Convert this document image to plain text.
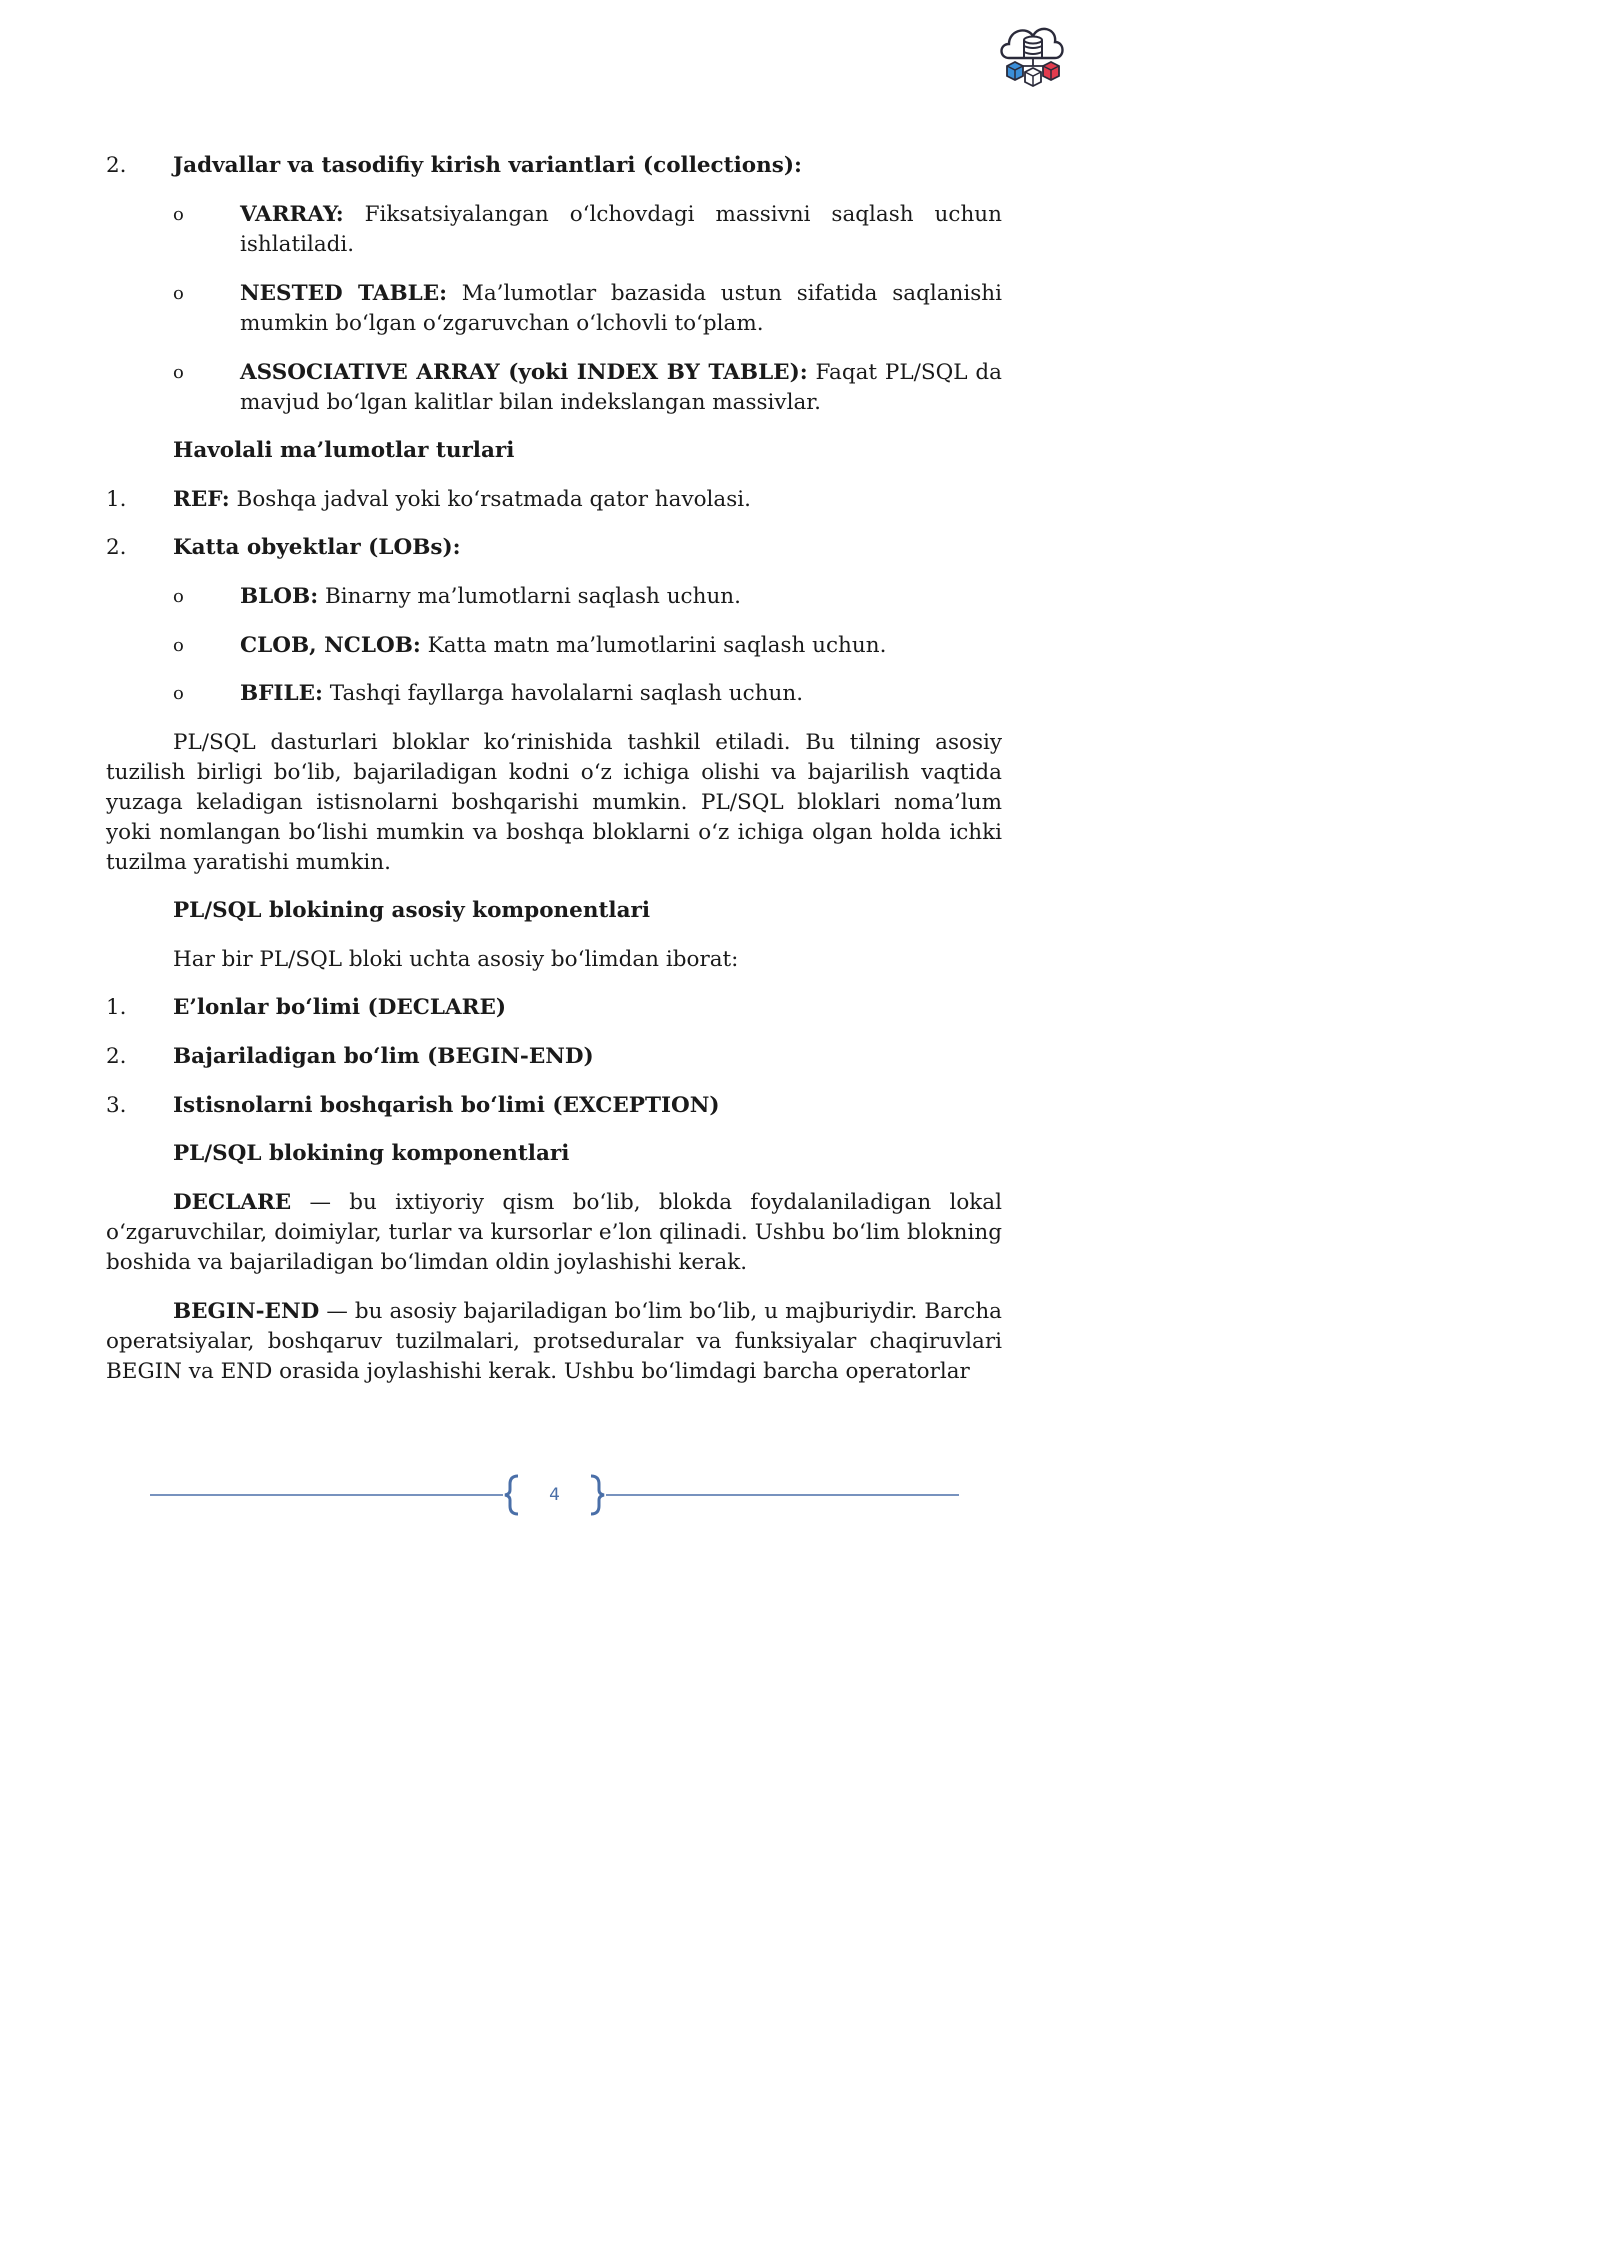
2. Jadvallar va tasodifiy kirish variantlari (collections):
o	VARRAY: Fiksatsiyalangan o‘lchovdagi massivni saqlash uchun ishlatiladi.
o	NESTED TABLE: Ma’lumotlar bazasida ustun sifatida saqlanishi mumkin bo‘lgan o‘zgaruvchan o‘lchovli to‘plam.
o	ASSOCIATIVE ARRAY (yoki INDEX BY TABLE): Faqat PL/SQL da mavjud bo‘lgan kalitlar bilan indekslangan massivlar.
Havolali ma’lumotlar turlari
1. REF: Boshqa jadval yoki ko‘rsatmada qator havolasi.
2. Katta obyektlar (LOBs):
o	BLOB: Binarny ma’lumotlarni saqlash uchun.
o	CLOB, NCLOB: Katta matn ma’lumotlarini saqlash uchun.
o	BFILE: Tashqi fayllarga havolalarni saqlash uchun.
PL/SQL dasturlari bloklar ko‘rinishida tashkil etiladi. Bu tilning asosiy tuzilish birligi bo‘lib, bajariladigan kodni o‘z ichiga olishi va bajarilish vaqtida yuzaga keladigan istisnolarni boshqarishi mumkin. PL/SQL bloklari noma’lum yoki nomlangan bo‘lishi mumkin va boshqa bloklarni o‘z ichiga olgan holda ichki tuzilma yaratishi mumkin.
PL/SQL blokining asosiy komponentlari
Har bir PL/SQL bloki uchta asosiy bo‘limdan iborat:
1. E’lonlar bo‘limi (DECLARE)
2. Bajariladigan bo‘lim (BEGIN-END)
3. Istisnolarni boshqarish bo‘limi (EXCEPTION)
PL/SQL blokining komponentlari
DECLARE — bu ixtiyoriy qism bo‘lib, blokda foydalaniladigan lokal o‘zgaruvchilar, doimiylar, turlar va kursorlar e’lon qilinadi. Ushbu bo‘lim blokning boshida va bajariladigan bo‘limdan oldin joylashishi kerak.
BEGIN-END — bu asosiy bajariladigan bo‘lim bo‘lib, u majburiydir. Barcha operatsiyalar, boshqaruv tuzilmalari, protseduralar va funksiyalar chaqiruvlari BEGIN va END orasida joylashishi kerak. Ushbu bo‘limdagi barcha operatorlar
4
